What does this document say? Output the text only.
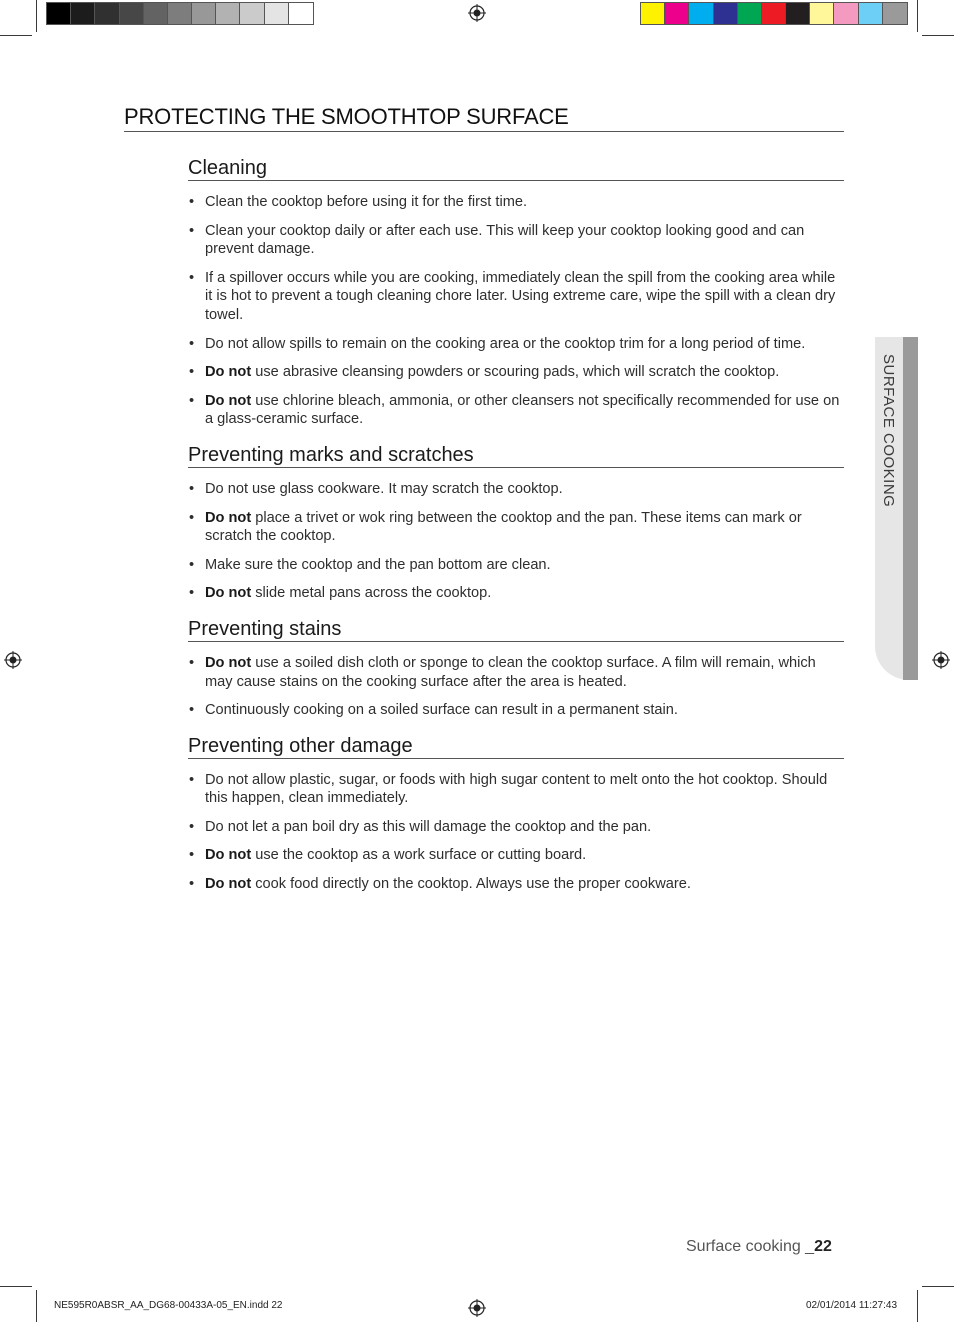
SURFACE COOKING
PROTECTING THE SMOOTHTOP SURFACE
Cleaning
• Clean the cooktop before using it for the first time.
• Clean your cooktop daily or after each use. This will keep your cooktop looking good and can prevent damage.
• If a spillover occurs while you are cooking, immediately clean the spill from the cooking area while it is hot to prevent a tough cleaning chore later. Using extreme care, wipe the spill with a clean dry towel.
• Do not allow spills to remain on the cooking area or the cooktop trim for a long period of time.
• Do not use abrasive cleansing powders or scouring pads, which will scratch the cooktop.
• Do not use chlorine bleach, ammonia, or other cleansers not specifically recommended for use on a glass-ceramic surface.
Preventing marks and scratches
• Do not use glass cookware. It may scratch the cooktop.
• Do not place a trivet or wok ring between the cooktop and the pan. These items can mark or scratch the cooktop.
• Make sure the cooktop and the pan bottom are clean.
• Do not slide metal pans across the cooktop.
Preventing stains
• Do not use a soiled dish cloth or sponge to clean the cooktop surface. A film will remain, which may cause stains on the cooking surface after the area is heated.
• Continuously cooking on a soiled surface can result in a permanent stain.
Preventing other damage
• Do not allow plastic, sugar, or foods with high sugar content to melt onto the hot cooktop. Should this happen, clean immediately.
• Do not let a pan boil dry as this will damage the cooktop and the pan.
• Do not use the cooktop as a work surface or cutting board.
• Do not cook food directly on the cooktop. Always use the proper cookware.
Surface cooking _22
NE595R0ABSR_AA_DG68-00433A-05_EN.indd 22	02/01/2014 11:27:43
